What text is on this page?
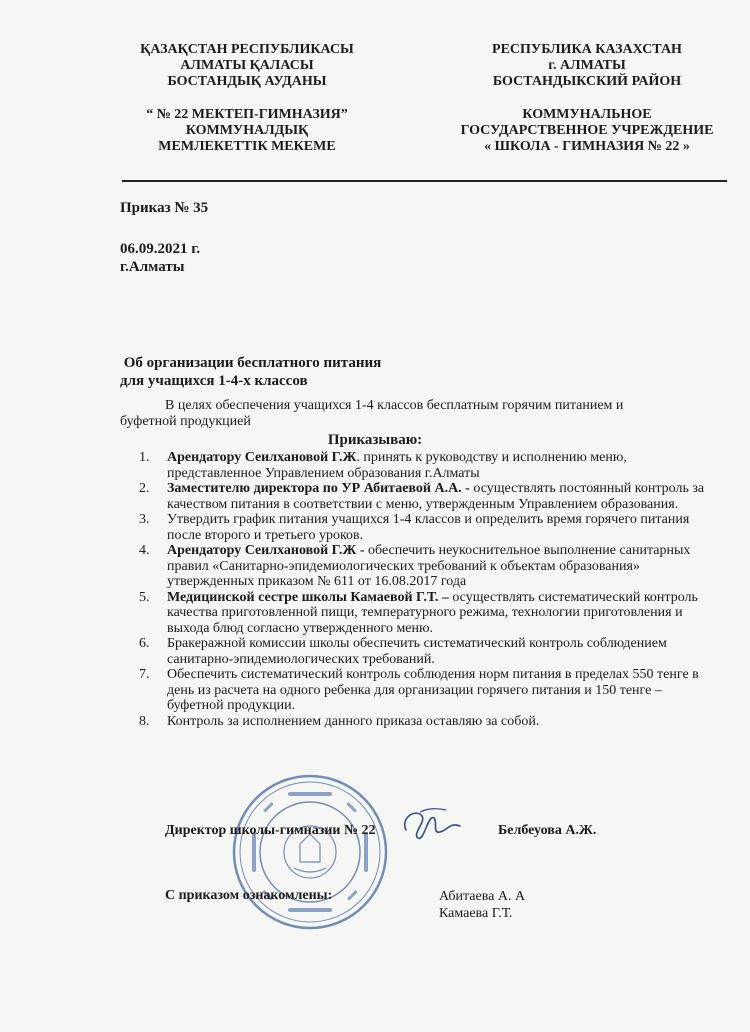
ҚАЗАҚСТАН РЕСПУБЛИКАСЫ
АЛМАТЫ ҚАЛАСЫ
БОСТАНДЫҚ АУДАНЫ
“ № 22 МЕКТЕП-ГИМНАЗИЯ”
КОММУНАЛДЫҚ
МЕМЛЕКЕТТІК МЕКЕМЕ
РЕСПУБЛИКА КАЗАХСТАН
г. АЛМАТЫ
БОСТАНДЫКСКИЙ РАЙОН
КОММУНАЛЬНОЕ
ГОСУДАРСТВЕННОЕ УЧРЕЖДЕНИЕ
« ШКОЛА - ГИМНАЗИЯ № 22 »
Приказ № 35
06.09.2021 г.
г.Алматы
Об организации бесплатного питания
для учащихся 1-4-х классов
В целях обеспечения учащихся 1-4 классов бесплатным горячим питанием и буфетной продукцией
Приказываю:
1. Арендатору Сеилхановой Г.Ж. принять к руководству и исполнению меню, представленное Управлением образования г.Алматы
2. Заместителю директора по УР Абитаевой А.А. - осуществлять постоянный контроль за качеством питания в соответствии с меню, утвержденным Управлением образования.
3. Утвердить график питания учащихся 1-4 классов и определить время горячего питания после второго и третьего уроков.
4. Арендатору Сеилхановой Г.Ж - обеспечить неукоснительное выполнение санитарных правил «Санитарно-эпидемиологических требований к объектам образования» утвержденных приказом № 611 от 16.08.2017 года
5. Медицинской сестре школы Камаевой Г.Т. – осуществлять систематический контроль качества приготовленной пищи, температурного режима, технологии приготовления и выхода блюд согласно утвержденного меню.
6. Бракеражной комиссии школы обеспечить систематический контроль соблюдением санитарно-эпидемиологических требований.
7. Обеспечить систематический контроль соблюдения норм питания в пределах 550 тенге в день из расчета на одного ребенка для организации горячего питания и 150 тенге – буфетной продукции.
8. Контроль за исполнением данного приказа оставляю за собой.
Директор школы-гимназии № 22	Белбеуова А.Ж.
С приказом ознакомлены:	Абитаева А. А
Камаева Г.Т.
